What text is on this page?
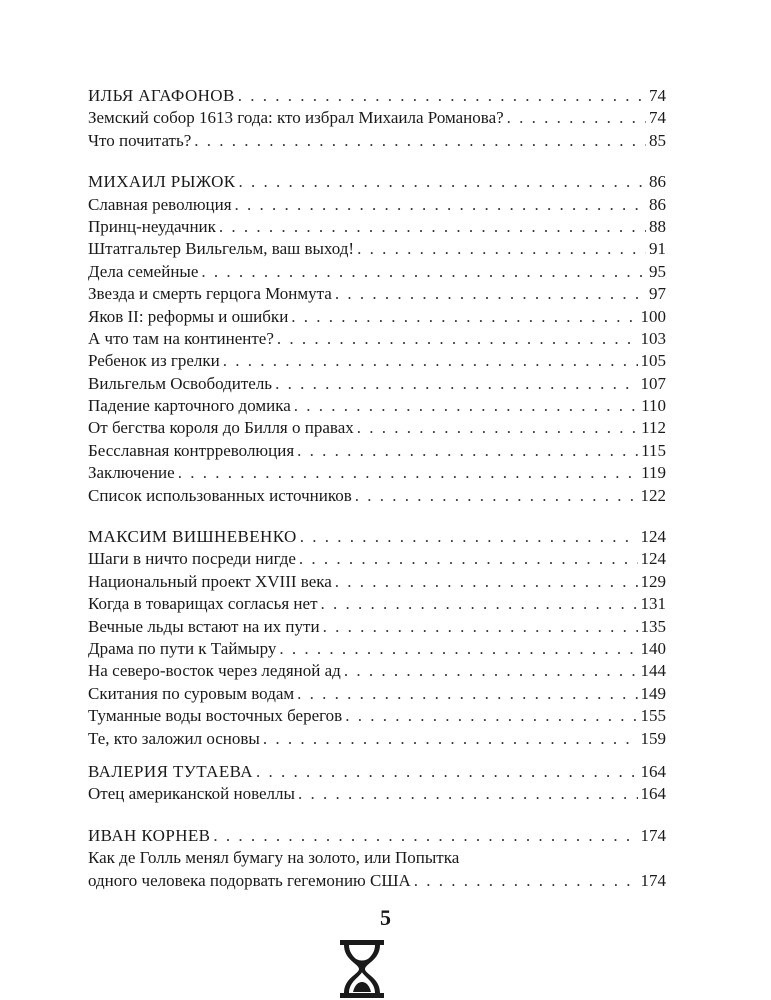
ИЛЬЯ АГАФОНОВ . . .	74
Земский собор 1613 года: кто избрал Михаила Романова? . . .	74
Что почитать? . . .	85
МИХАИЛ РЫЖОК . . .	86
Славная революция . . .	86
Принц-неудачник . . .	88
Штатгальтер Вильгельм, ваш выход! . . .	91
Дела семейные . . .	95
Звезда и смерть герцога Монмута . . .	97
Яков II: реформы и ошибки . . .	100
А что там на континенте? . . .	103
Ребенок из грелки . . .	105
Вильгельм Освободитель . . .	107
Падение карточного домика . . .	110
От бегства короля до Билля о правах . . .	112
Бесславная контрреволюция . . .	115
Заключение . . .	119
Список использованных источников . . .	122
МАКСИМ ВИШНЕВЕНКО . . .	124
Шаги в ничто посреди нигде . . .	124
Национальный проект XVIII века . . .	129
Когда в товарищах согласья нет . . .	131
Вечные льды встают на их пути . . .	135
Драма по пути к Таймыру . . .	140
На северо-восток через ледяной ад . . .	144
Скитания по суровым водам . . .	149
Туманные воды восточных берегов . . .	155
Те, кто заложил основы . . .	159
ВАЛЕРИЯ ТУТАЕВА . . .	164
Отец американской новеллы . . .	164
ИВАН КОРНЕВ . . .	174
Как де Голль менял бумагу на золото, или Попытка
одного человека подорвать гегемонию США . . .	174
5
